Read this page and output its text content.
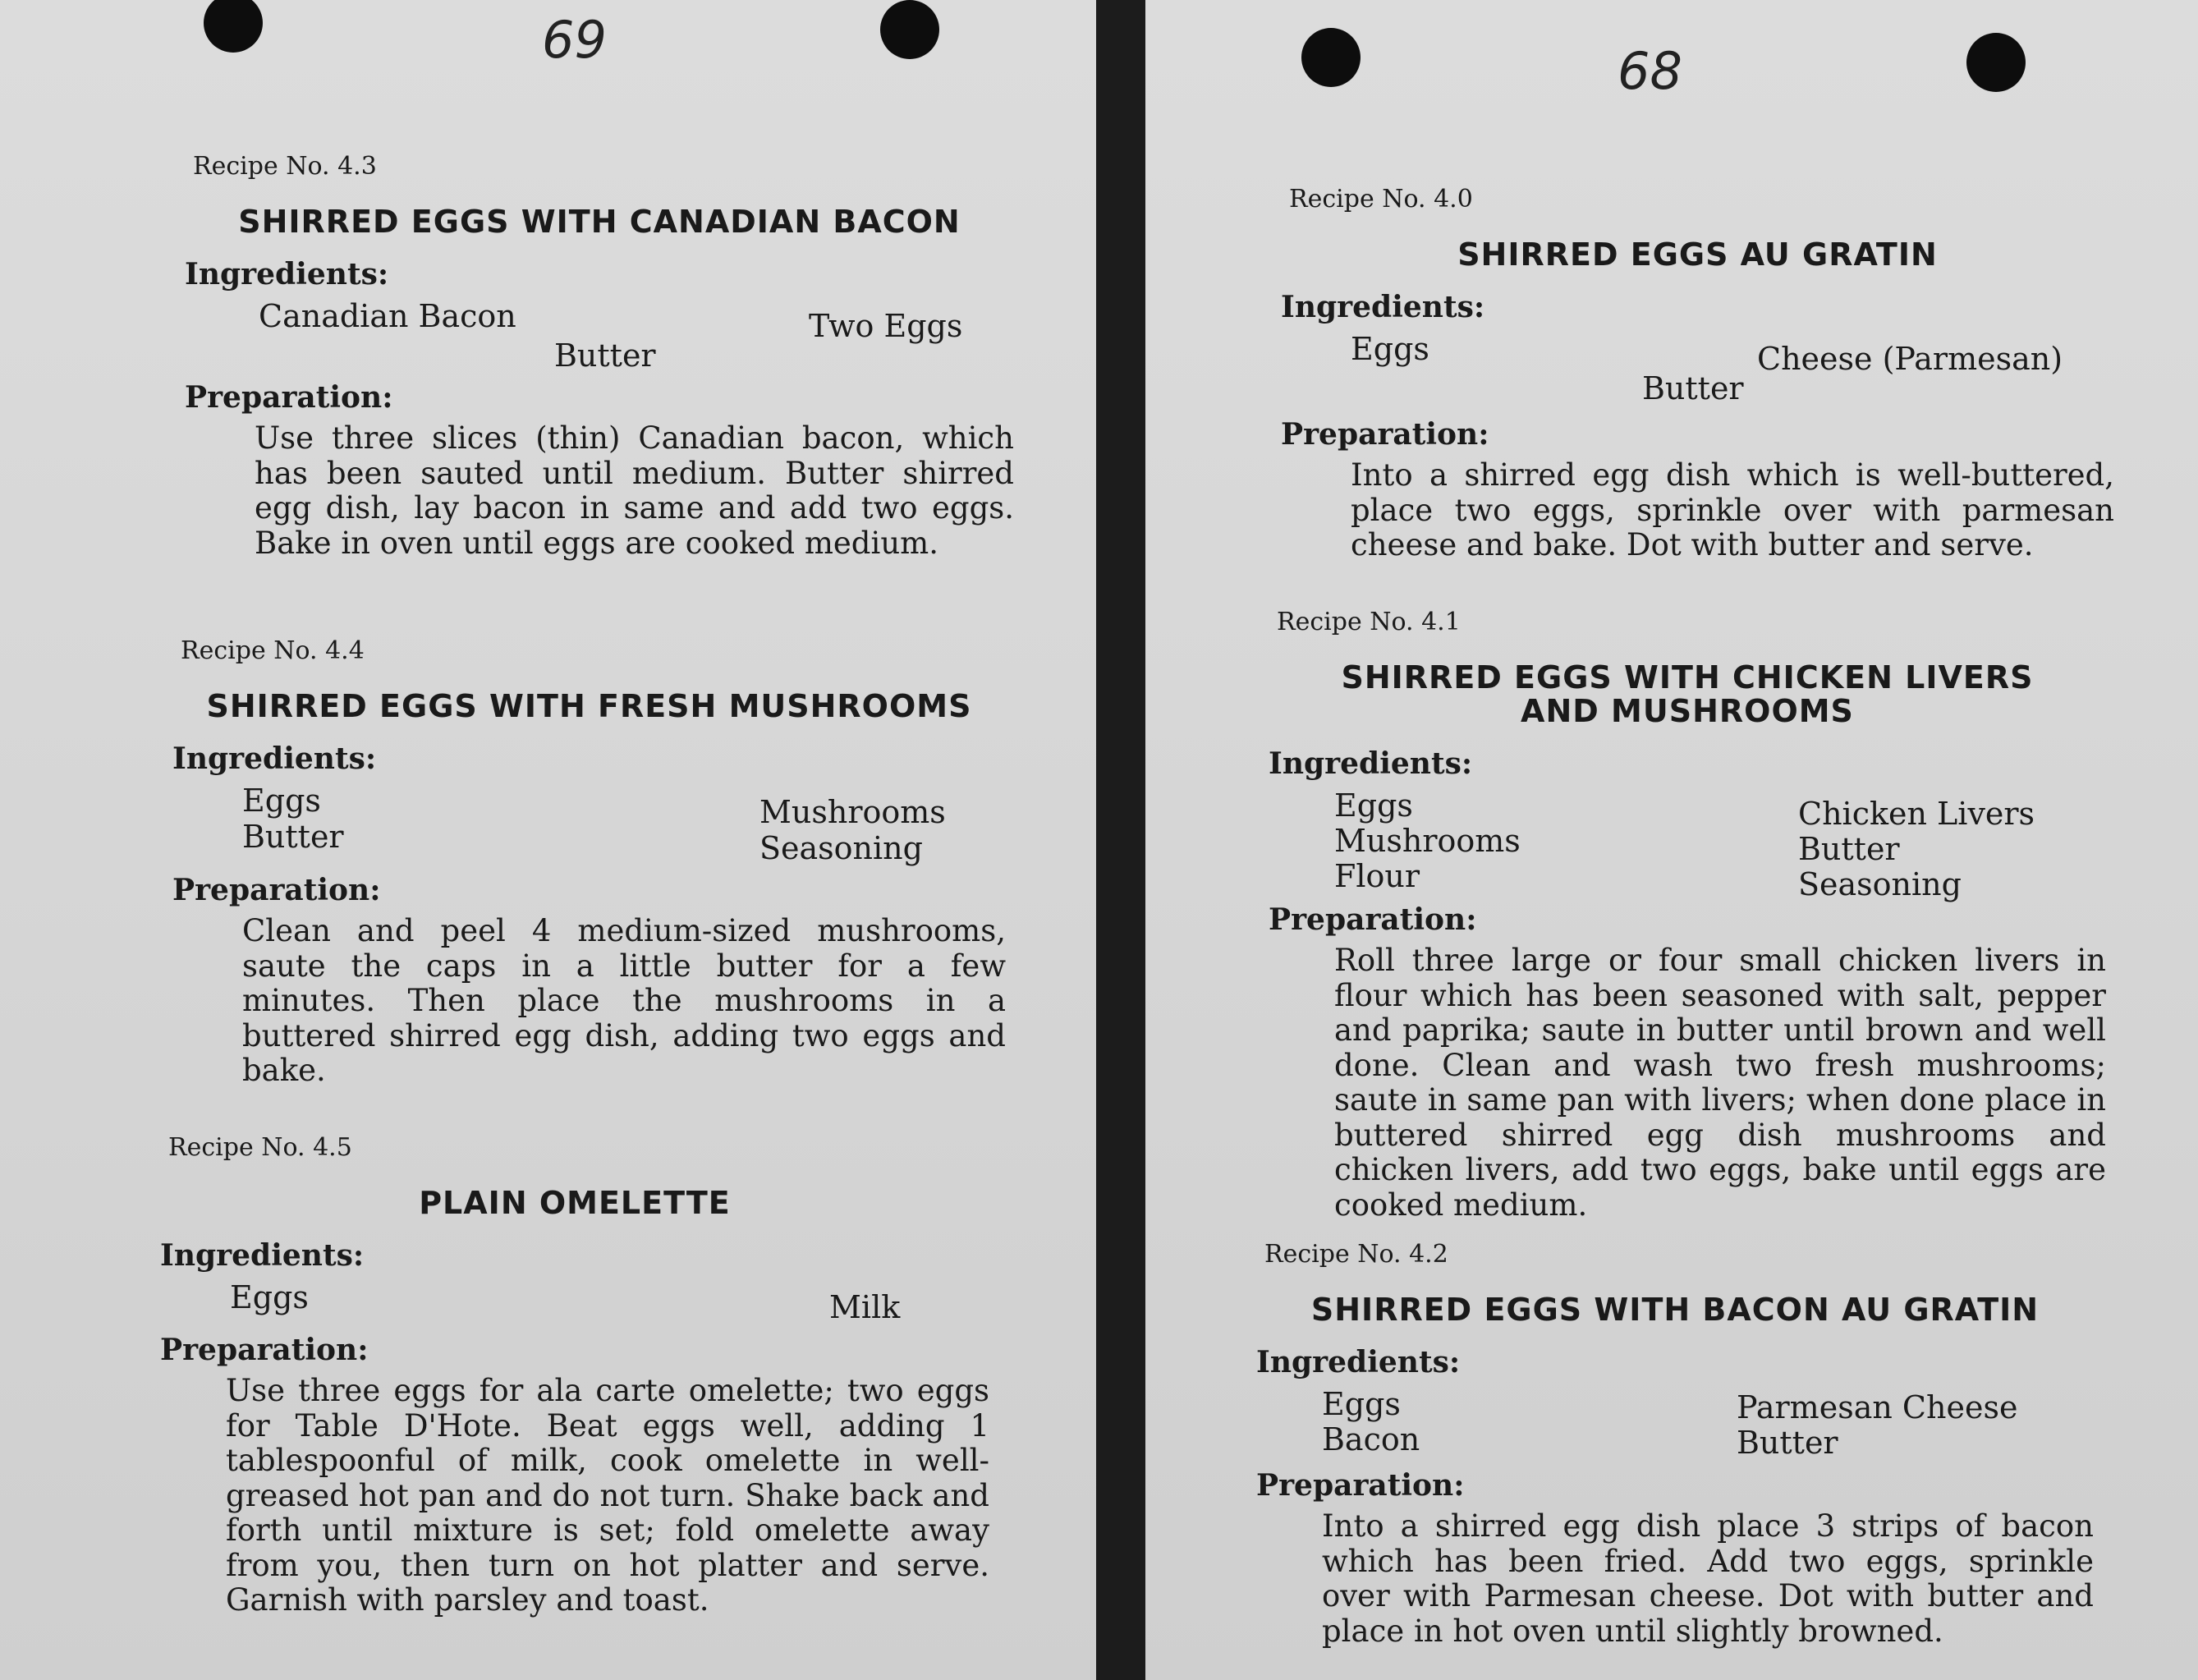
69
Recipe No. 4.3
SHIRRED EGGS WITH CANADIAN BACON
Ingredients:
Canadian Bacon
Butter
Two Eggs
Preparation:

Use three slices (thin) Canadian bacon, which has been sauted until medium. Butter shirred egg dish, lay bacon in same and add two eggs. Bake in oven until eggs are cooked medium.

Recipe No. 4.4
SHIRRED EGGS WITH FRESH MUSHROOMS
Ingredients:
Eggs
Butter
Mushrooms
Seasoning
Preparation:

Clean and peel 4 medium-sized mushrooms, saute the caps in a little butter for a few minutes. Then place the mushrooms in a buttered shirred egg dish, adding two eggs and bake.

Recipe No. 4.5
PLAIN OMELETTE
Ingredients:
Eggs	Milk
Preparation:

Use three eggs for ala carte omelette; two eggs for Table D'Hote. Beat eggs well, adding 1 tablespoonful of milk, cook omelette in well-greased hot pan and do not turn. Shake back and forth until mixture is set; fold omelette away from you, then turn on hot platter and serve. Garnish with parsley and toast.

68
Recipe No. 4.0
SHIRRED EGGS AU GRATIN
Ingredients:
Eggs
Butter
Cheese (Parmesan)
Preparation:

Into a shirred egg dish which is well-buttered, place two eggs, sprinkle over with parmesan cheese and bake. Dot with butter and serve.

Recipe No. 4.1
SHIRRED EGGS WITH CHICKEN LIVERS
AND MUSHROOMS
Ingredients:
Eggs
Mushrooms
Flour
Chicken Livers
Butter
Seasoning
Preparation:

Roll three large or four small chicken livers in flour which has been seasoned with salt, pepper and paprika; saute in butter until brown and well done. Clean and wash two fresh mushrooms; saute in same pan with livers; when done place in buttered shirred egg dish mushrooms and chicken livers, add two eggs, bake until eggs are cooked medium.

Recipe No. 4.2
SHIRRED EGGS WITH BACON AU GRATIN
Ingredients:
Eggs
Bacon
Parmesan Cheese
Butter
Preparation:

Into a shirred egg dish place 3 strips of bacon which has been fried. Add two eggs, sprinkle over with Parmesan cheese. Dot with butter and place in hot oven until slightly browned.
